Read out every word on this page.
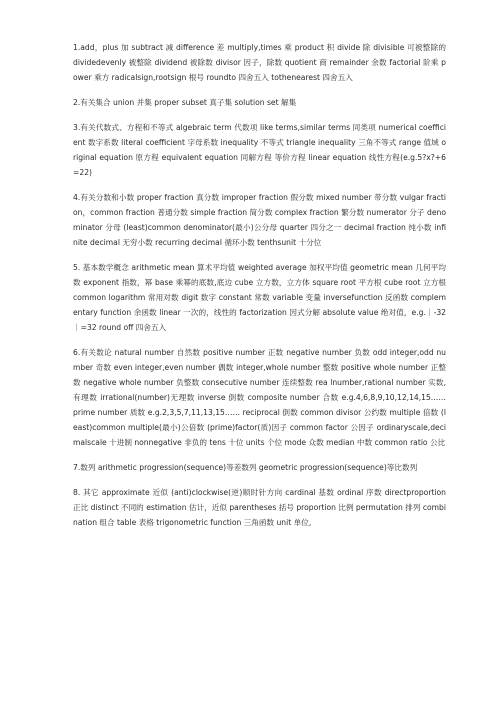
1.add，plus 加 subtract 减 difference 差 multiply,times 乘 product 积 divide 除 divisible 可被整除的 dividedevenly 被整除 dividend 被除数 divisor 因子，除数 quotient 商 remainder 余数 factorial 阶乘 power 乘方 radicalsign,rootsign 根号 roundto 四舍五入 tothenearest 四舍五入

2.有关集合 union 并集 proper subset 真子集 solution set 解集

3.有关代数式、方程和不等式 algebraic term 代数项 like terms,similar terms 同类项 numerical coefficient 数字系数 literal coefficient 字母系数 inequality 不等式 triangle inequality 三角不等式 range 值域 original equation 原方程 equivalent equation 同解方程 等价方程 linear equation 线性方程(e.g.5?x?+6=22)

4.有关分数和小数 proper fraction 真分数 improper fraction 假分数 mixed number 带分数 vulgar fraction，common fraction 普通分数 simple fraction 简分数 complex fraction 繁分数 numerator 分子 denominator 分母 (least)common denominator(最小)公分母 quarter 四分之一 decimal fraction 纯小数 infinite decimal 无穷小数 recurring decimal 循环小数 tenthsunit 十分位

5. 基本数学概念 arithmetic mean 算术平均值 weighted average 加权平均值 geometric mean 几何平均数 exponent 指数，幂 base 乘幂的底数,底边 cube 立方数，立方体 square root 平方根 cube root 立方根 common logarithm 常用对数 digit 数字 constant 常数 variable 变量 inversefunction 反函数 complementary function 余函数 linear 一次的，线性的 factorization 因式分解 absolute value 绝对值，e.g.｜-32｜=32 round off 四舍五入

6.有关数论 natural number 自然数 positive number 正数 negative number 负数 odd integer,odd number 奇数 even integer,even number 偶数 integer,whole number 整数 positive whole number 正整数 negative whole number 负整数 consecutive number 连续整数 rea lnumber,rational number 实数,有理数 irrational(number)无理数 inverse 倒数 composite number 合数 e.g.4,6,8,9,10,12,14,15……　prime number 质数 e.g.2,3,5,7,11,13,15…… reciprocal 倒数 common divisor 公约数 multiple 倍数 (least)common multiple(最小)公倍数 (prime)factor(质)因子 common factor 公因子 ordinaryscale,decimalscale 十进制 nonnegative 非负的 tens 十位 units 个位 mode 众数 median 中数 common ratio 公比

7.数列 arithmetic progression(sequence)等差数列 geometric progression(sequence)等比数列

8. 其它 approximate 近似 (anti)clockwise(逆)顺时针方向 cardinal 基数 ordinal 序数 directproportion 正比 distinct 不同的 estimation 估计，近似 parentheses 括号 proportion 比例 permutation 排列 combination 组合 table 表格 trigonometric function 三角函数 unit 单位,
